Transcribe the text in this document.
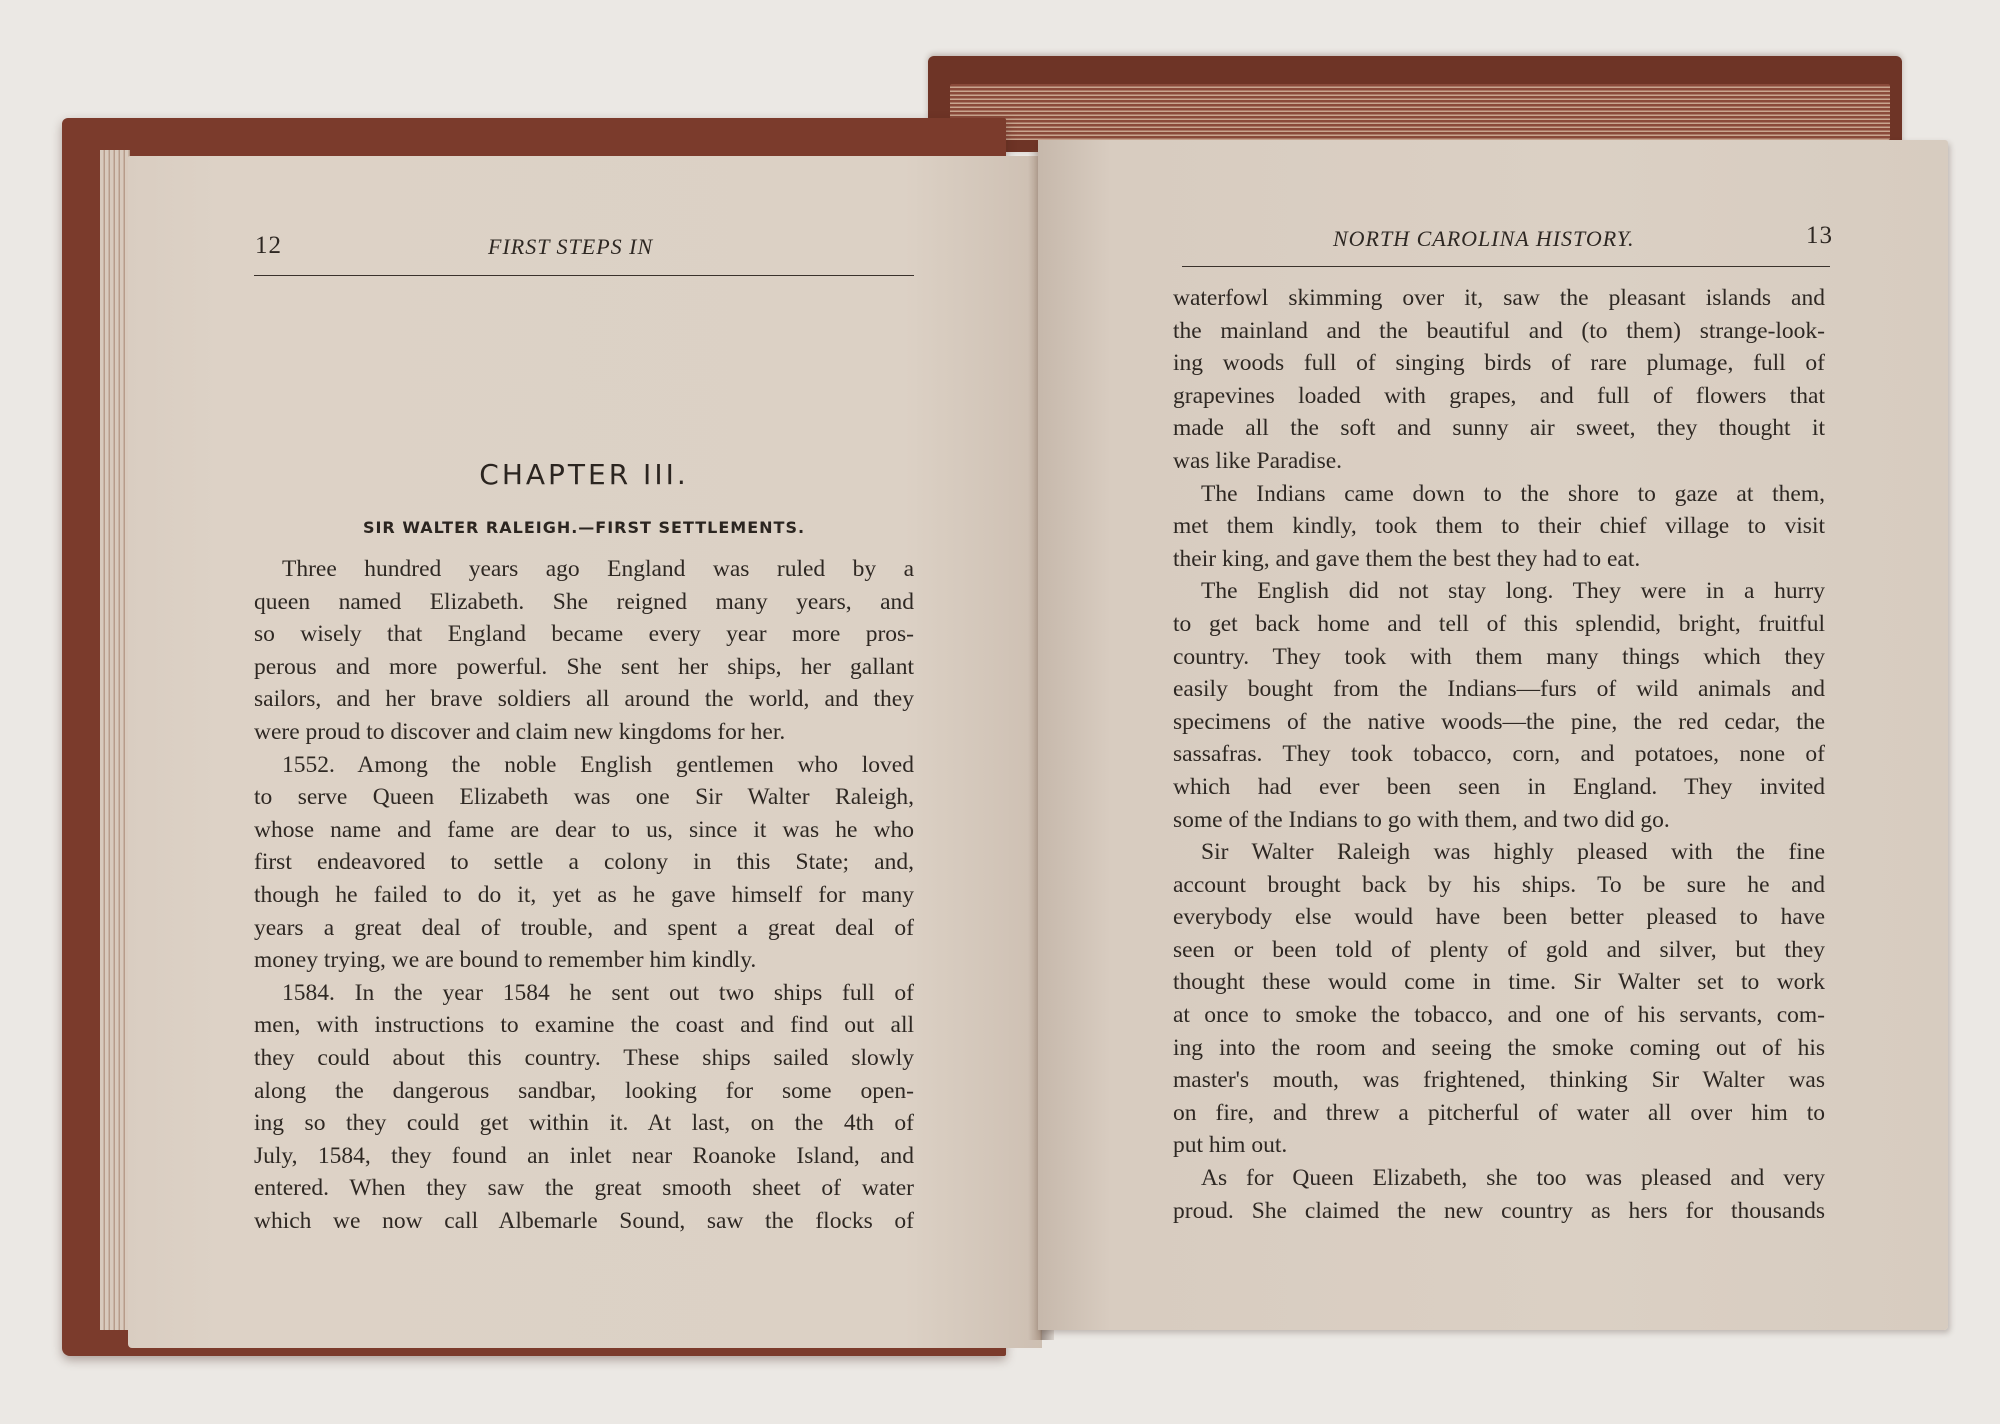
12	FIRST STEPS IN
CHAPTER III.
SIR WALTER RALEIGH.—FIRST SETTLEMENTS.
Three hundred years ago England was ruled by a
queen named Elizabeth. She reigned many years, and
so wisely that England became every year more pros-
perous and more powerful. She sent her ships, her gallant
sailors, and her brave soldiers all around the world, and they
were proud to discover and claim new kingdoms for her.
1552. Among the noble English gentlemen who loved
to serve Queen Elizabeth was one Sir Walter Raleigh,
whose name and fame are dear to us, since it was he who
first endeavored to settle a colony in this State; and,
though he failed to do it, yet as he gave himself for many
years a great deal of trouble, and spent a great deal of
money trying, we are bound to remember him kindly.
1584. In the year 1584 he sent out two ships full of
men, with instructions to examine the coast and find out all
they could about this country. These ships sailed slowly
along the dangerous sandbar, looking for some open-
ing so they could get within it. At last, on the 4th of
July, 1584, they found an inlet near Roanoke Island, and
entered. When they saw the great smooth sheet of water
which we now call Albemarle Sound, saw the flocks of
NORTH CAROLINA HISTORY.	13
waterfowl skimming over it, saw the pleasant islands and
the mainland and the beautiful and (to them) strange-look-
ing woods full of singing birds of rare plumage, full of
grapevines loaded with grapes, and full of flowers that
made all the soft and sunny air sweet, they thought it
was like Paradise.
The Indians came down to the shore to gaze at them,
met them kindly, took them to their chief village to visit
their king, and gave them the best they had to eat.
The English did not stay long. They were in a hurry
to get back home and tell of this splendid, bright, fruitful
country. They took with them many things which they
easily bought from the Indians—furs of wild animals and
specimens of the native woods—the pine, the red cedar, the
sassafras. They took tobacco, corn, and potatoes, none of
which had ever been seen in England. They invited
some of the Indians to go with them, and two did go.
Sir Walter Raleigh was highly pleased with the fine
account brought back by his ships. To be sure he and
everybody else would have been better pleased to have
seen or been told of plenty of gold and silver, but they
thought these would come in time. Sir Walter set to work
at once to smoke the tobacco, and one of his servants, com-
ing into the room and seeing the smoke coming out of his
master's mouth, was frightened, thinking Sir Walter was
on fire, and threw a pitcherful of water all over him to
put him out.
As for Queen Elizabeth, she too was pleased and very
proud. She claimed the new country as hers for thousands
